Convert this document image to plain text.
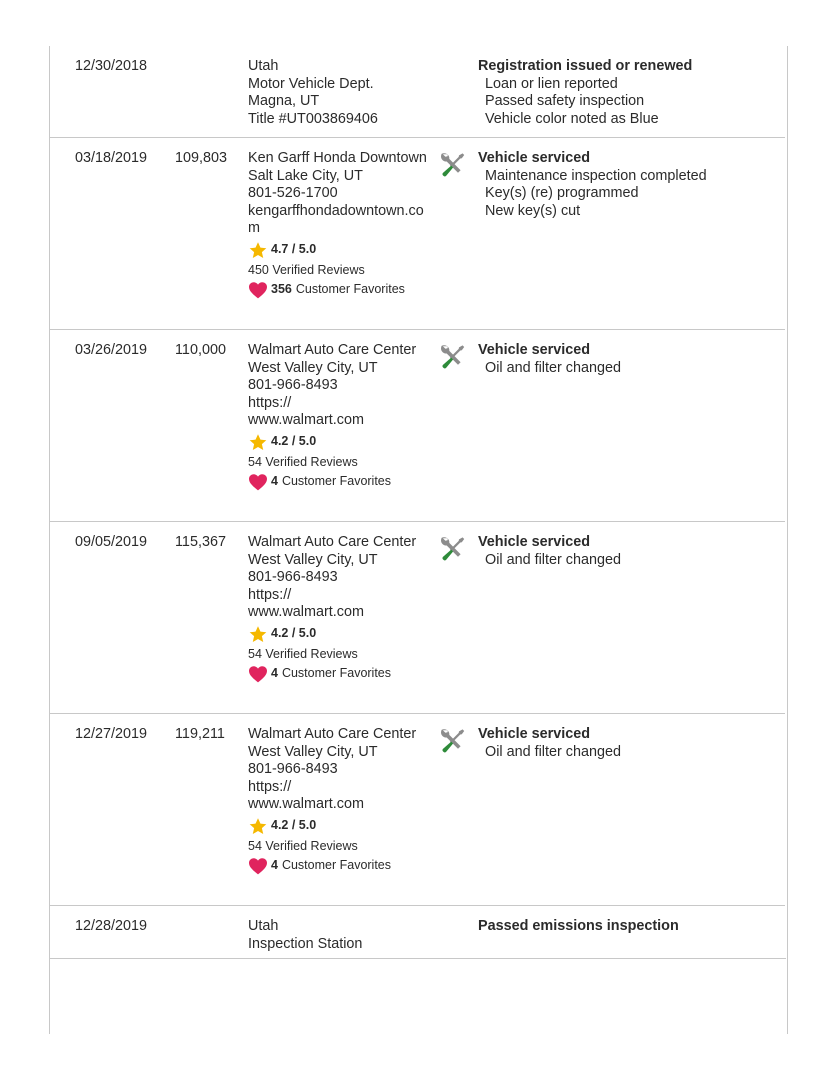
12/30/2018	Utah
Motor Vehicle Dept.
Magna, UT
Title #UT003869406
Registration issued or renewed
Loan or lien reported
Passed safety inspection
Vehicle color noted as Blue
03/18/2019	109,803	Ken Garff Honda Downtown
Salt Lake City, UT
801-526-1700
kengarffhondadowntown.com
4.7 / 5.0
450 Verified Reviews
356 Customer Favorites
Vehicle serviced
Maintenance inspection completed
Key(s) (re) programmed
New key(s) cut
03/26/2019	110,000	Walmart Auto Care Center
West Valley City, UT
801-966-8493
https://
www.walmart.com
4.2 / 5.0
54 Verified Reviews
4 Customer Favorites
Vehicle serviced
Oil and filter changed
09/05/2019	115,367	Walmart Auto Care Center
West Valley City, UT
801-966-8493
https://
www.walmart.com
4.2 / 5.0
54 Verified Reviews
4 Customer Favorites
Vehicle serviced
Oil and filter changed
12/27/2019	119,211	Walmart Auto Care Center
West Valley City, UT
801-966-8493
https://
www.walmart.com
4.2 / 5.0
54 Verified Reviews
4 Customer Favorites
Vehicle serviced
Oil and filter changed
12/28/2019	Utah
Inspection Station
Passed emissions inspection
